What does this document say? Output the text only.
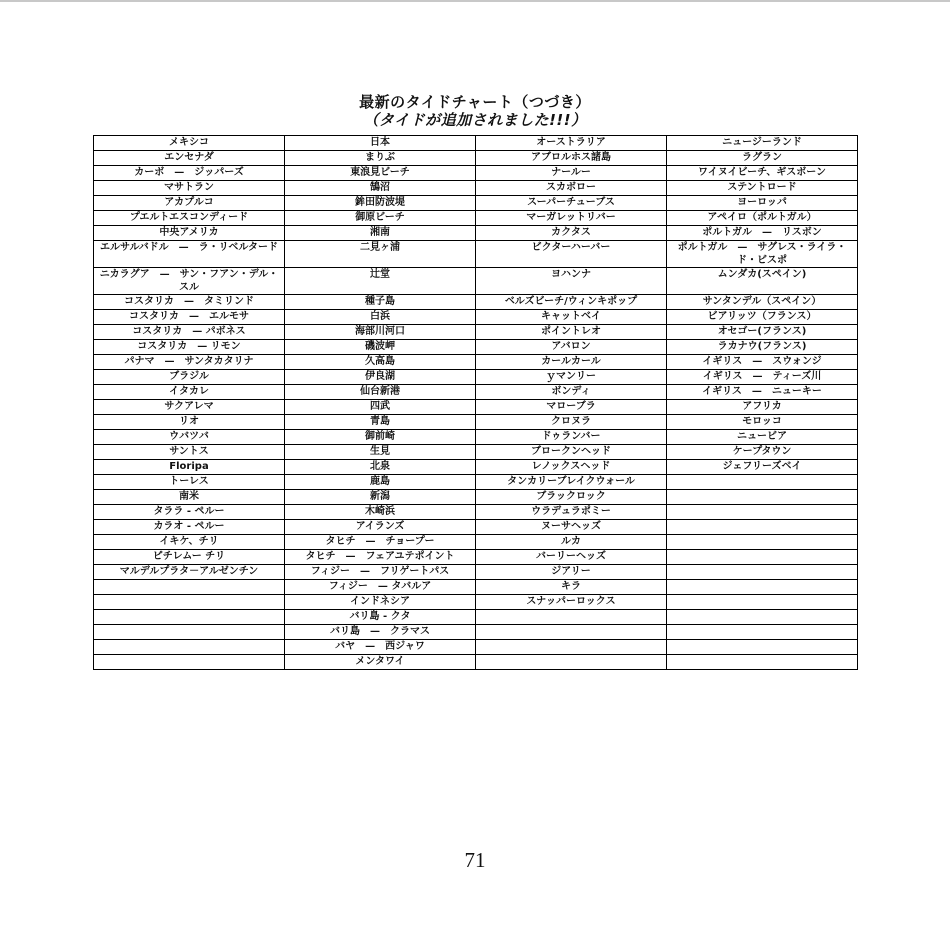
最新のタイドチャート（つづき）
（タイドが追加されました!!!）
メキシコ	日本	オーストラリア	ニュージーランド
エンセナダ	まりぶ	アブロルホス諸島	ラグラン
カーボ　—　ジッパーズ	東浪見ビーチ	ナールー	ワイヌイビーチ、ギスボーン
マサトラン	鵠沼	スカボロー	ステントロード
アカプルコ	鉾田防波堤	スーパーチューブス	ヨーロッパ
プエルトエスコンディード	御原ビーチ	マーガレットリバー	アペイロ（ポルトガル）
中央アメリカ	湘南	カクタス	ポルトガル　—　リスボン
エルサルバドル　—　ラ・リベルタード	二見ヶ浦	ビクターハーバー	ポルトガル　—　サグレス・ライラ・ド・ビスポ
ニカラグア　—　サン・フアン・デル・スル	辻堂	ヨハンナ	ムンダカ(スペイン)
コスタリカ　—　タミリンド	種子島	ベルズビーチ/ウィンキポップ	サンタンデル（スペイン）
コスタリカ　—　エルモサ	白浜	キャットベイ	ビアリッツ（フランス）
コスタリカ　— パボネス	海部川河口	ポイントレオ	オセゴー(フランス)
コスタリカ　— リモン	磯波岬	アバロン	ラカナウ(フランス)
パナマ　—　サンタカタリナ	久高島	カールカール	イギリス　—　スウォンジ
ブラジル	伊良湖	ｙマンリー	イギリス　—　ティーズ川
イタカレ	仙台新港	ボンディ	イギリス　—　ニューキー
サクアレマ	四武	マローブラ	アフリカ
リオ	青島	クロヌラ	モロッコ
ウバツバ	御前崎	ドゥランバー	ニュービア
サントス	生見	ブロークンヘッド	ケープタウン
Floripa	北泉	レノックスヘッド	ジェフリーズベイ
トーレス	鹿島	タンカリーブレイクウォール	
南米	新潟	ブラックロック	
タララ - ペルー	木崎浜	ウラデュラポミー	
カラオ - ペルー	アイランズ	ヌーサヘッズ	
イキケ、チリ	タヒチ　—　チョープー	ルカ	
ピチレムー チリ	タヒチ　—　フェアユテポイント	バーリーヘッズ	
マルデルプラタ－アルゼンチン	フィジー　—　フリゲートパス	ジアリー	
	フィジー　— タバルア	キラ	
	インドネシア	スナッパーロックス	
	バリ島 - クタ		
	バリ島　—　クラマス		
	バヤ　—　西ジャワ		
	メンタワイ		
71
